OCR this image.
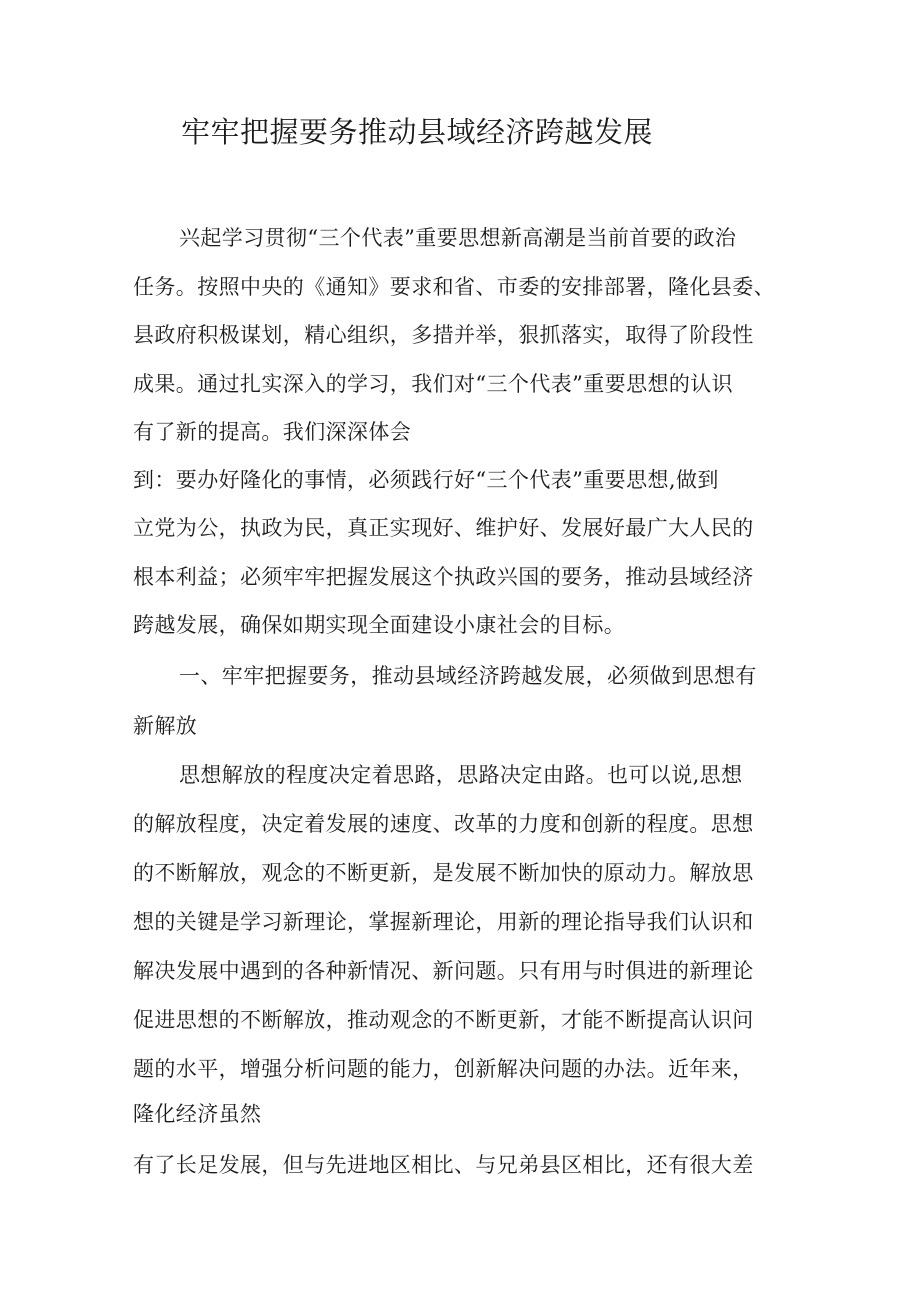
牢牢把握要务推动县域经济跨越发展
兴起学习贯彻“三个代表”重要思想新高潮是当前首要的政治
任务。按照中央的《通知》要求和省、市委的安排部署，隆化县委、
县政府积极谋划，精心组织，多措并举，狠抓落实，取得了阶段性
成果。通过扎实深入的学习，我们对“三个代表”重要思想的认识
有了新的提高。我们深深体会
到：要办好隆化的事情，必须践行好“三个代表”重要思想,做到
立党为公，执政为民，真正实现好、维护好、发展好最广大人民的
根本利益；必须牢牢把握发展这个执政兴国的要务，推动县域经济
跨越发展，确保如期实现全面建设小康社会的目标。
一、牢牢把握要务，推动县域经济跨越发展，必须做到思想有
新解放
思想解放的程度决定着思路，思路决定由路。也可以说,思想
的解放程度，决定着发展的速度、改革的力度和创新的程度。思想
的不断解放，观念的不断更新，是发展不断加快的原动力。解放思
想的关键是学习新理论，掌握新理论，用新的理论指导我们认识和
解决发展中遇到的各种新情况、新问题。只有用与时俱进的新理论
促进思想的不断解放，推动观念的不断更新，才能不断提高认识问
题的水平，增强分析问题的能力，创新解决问题的办法。近年来，
隆化经济虽然
有了长足发展，但与先进地区相比、与兄弟县区相比，还有很大差
